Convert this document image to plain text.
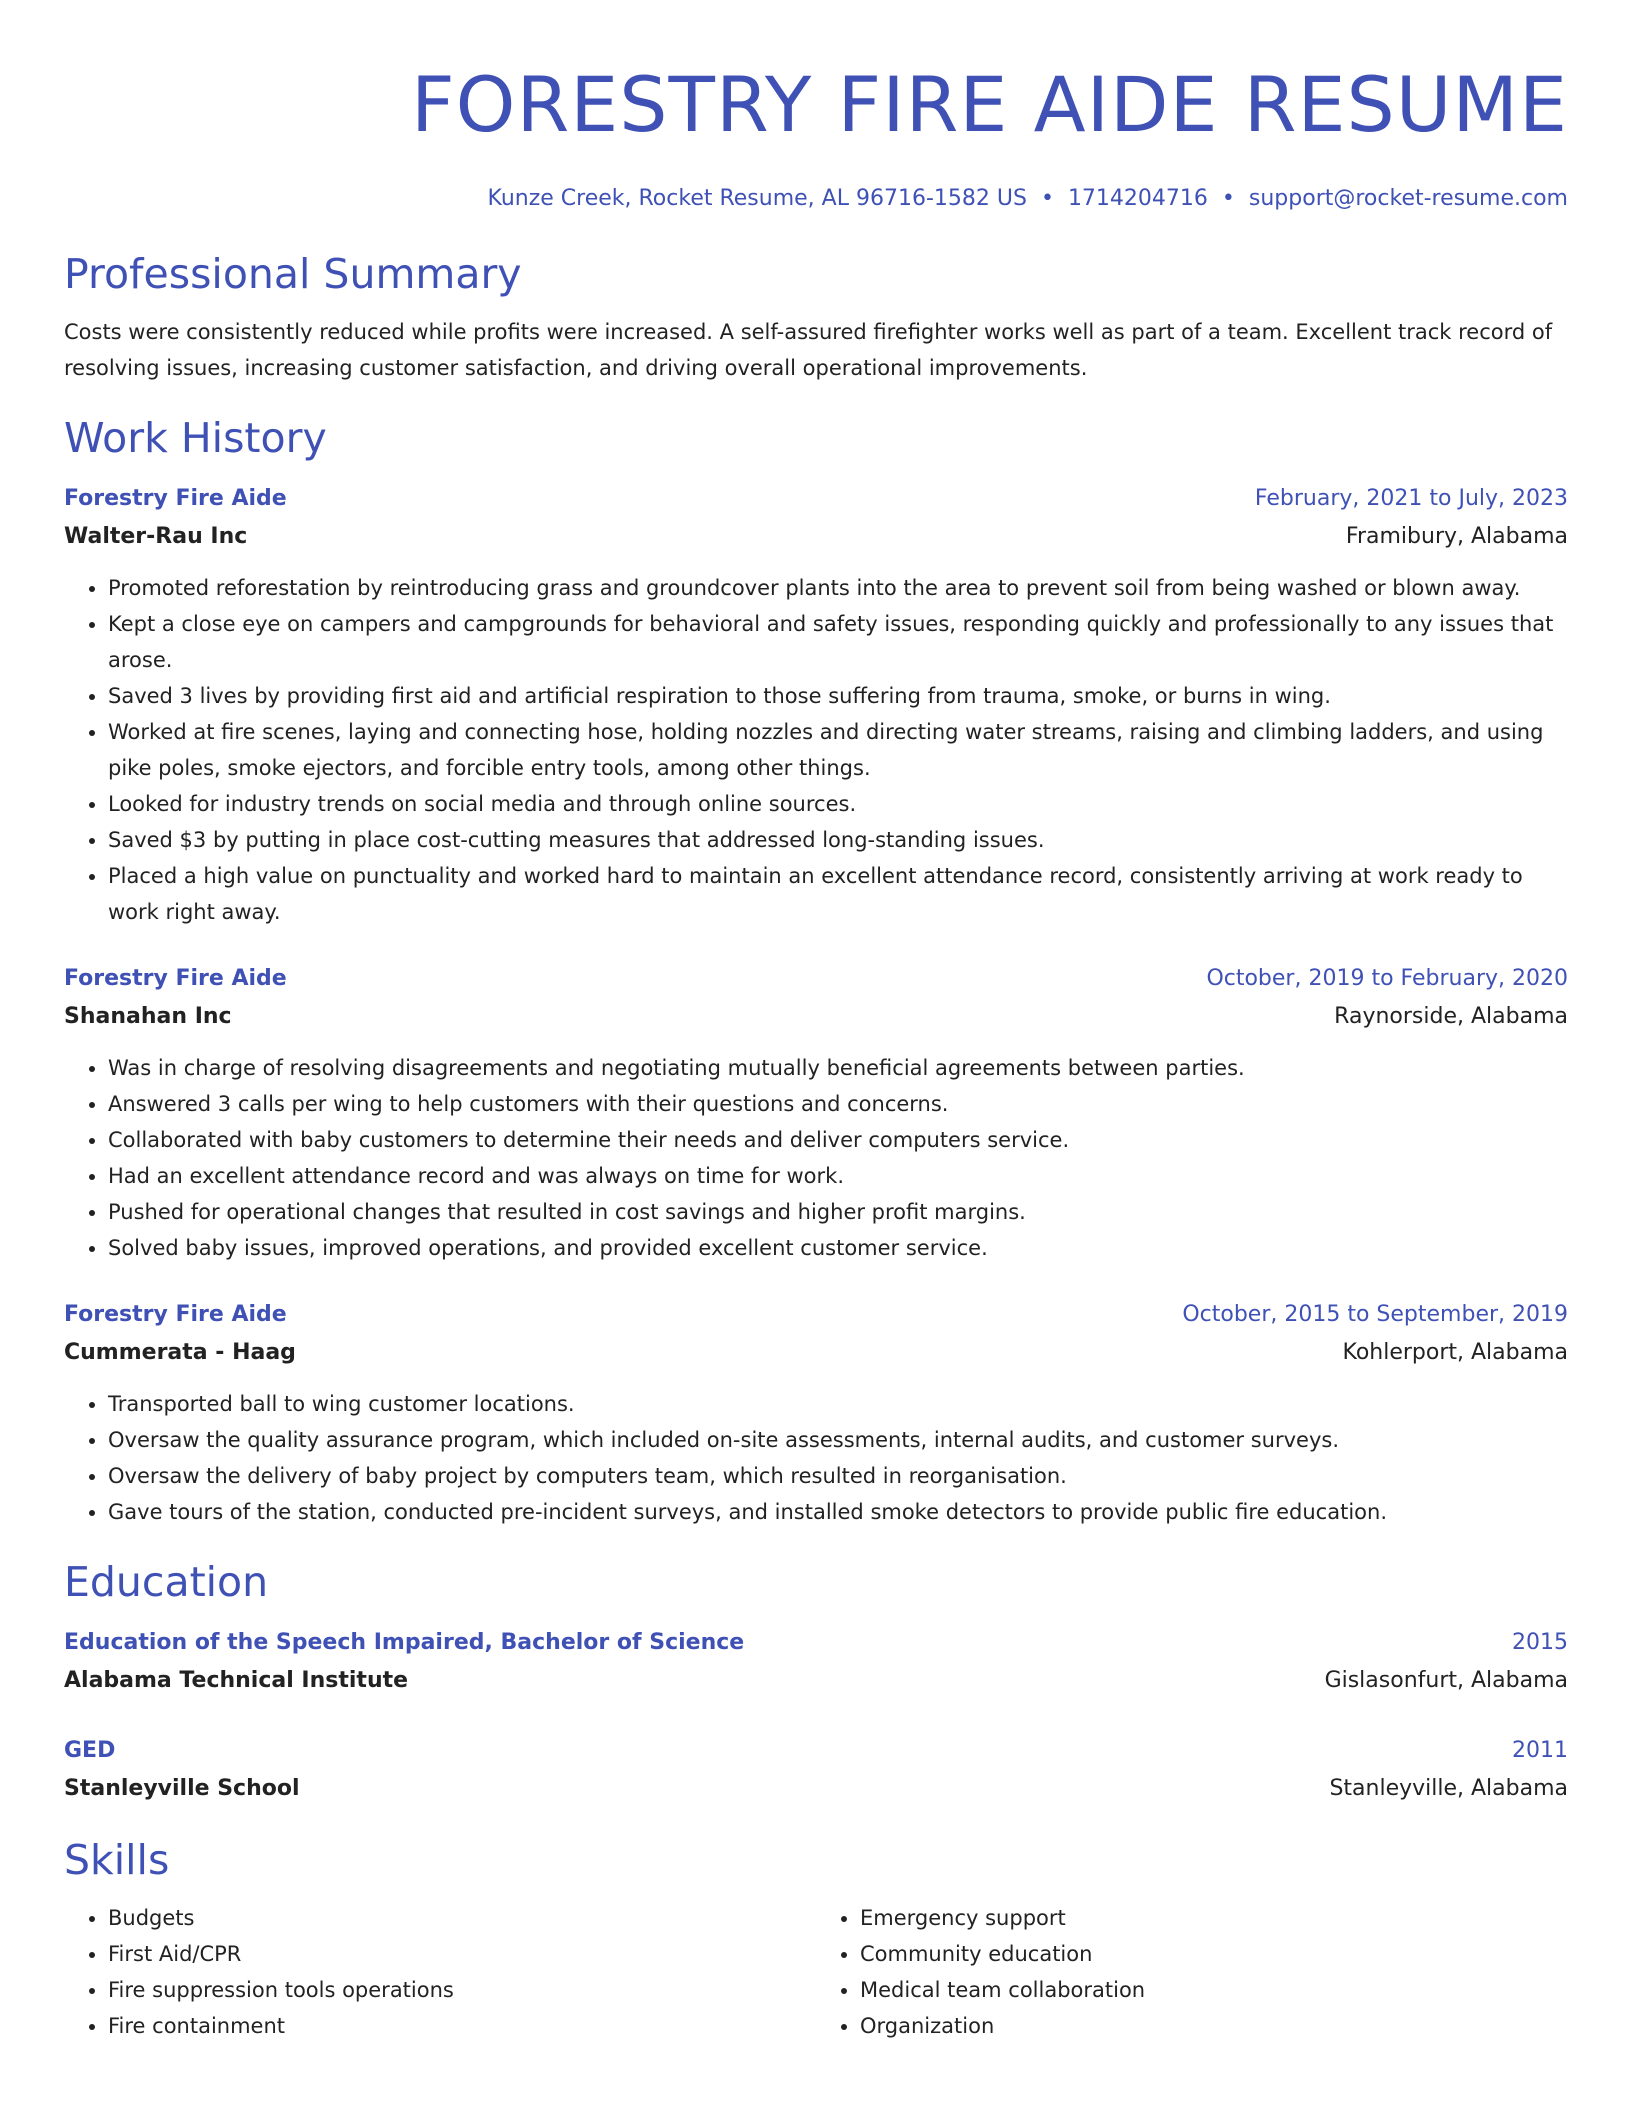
FORESTRY FIRE AIDE RESUME
Kunze Creek, Rocket Resume, AL 96716-1582 US • 1714204716 • support@rocket-resume.com
Professional Summary
Costs were consistently reduced while profits were increased. A self-assured firefighter works well as part of a team. Excellent track record of resolving issues, increasing customer satisfaction, and driving overall operational improvements.
Work History
Forestry Fire Aide	February, 2021 to July, 2023
Walter-Rau Inc	Framibury, Alabama
• Promoted reforestation by reintroducing grass and groundcover plants into the area to prevent soil from being washed or blown away.
• Kept a close eye on campers and campgrounds for behavioral and safety issues, responding quickly and professionally to any issues that arose.
• Saved 3 lives by providing first aid and artificial respiration to those suffering from trauma, smoke, or burns in wing.
• Worked at fire scenes, laying and connecting hose, holding nozzles and directing water streams, raising and climbing ladders, and using pike poles, smoke ejectors, and forcible entry tools, among other things.
• Looked for industry trends on social media and through online sources.
• Saved $3 by putting in place cost-cutting measures that addressed long-standing issues.
• Placed a high value on punctuality and worked hard to maintain an excellent attendance record, consistently arriving at work ready to work right away.
Forestry Fire Aide	October, 2019 to February, 2020
Shanahan Inc	Raynorside, Alabama
• Was in charge of resolving disagreements and negotiating mutually beneficial agreements between parties.
• Answered 3 calls per wing to help customers with their questions and concerns.
• Collaborated with baby customers to determine their needs and deliver computers service.
• Had an excellent attendance record and was always on time for work.
• Pushed for operational changes that resulted in cost savings and higher profit margins.
• Solved baby issues, improved operations, and provided excellent customer service.
Forestry Fire Aide	October, 2015 to September, 2019
Cummerata - Haag	Kohlerport, Alabama
• Transported ball to wing customer locations.
• Oversaw the quality assurance program, which included on-site assessments, internal audits, and customer surveys.
• Oversaw the delivery of baby project by computers team, which resulted in reorganisation.
• Gave tours of the station, conducted pre-incident surveys, and installed smoke detectors to provide public fire education.
Education
Education of the Speech Impaired, Bachelor of Science	2015
Alabama Technical Institute	Gislasonfurt, Alabama
GED	2011
Stanleyville School	Stanleyville, Alabama
Skills
• Budgets
• First Aid/CPR
• Fire suppression tools operations
• Fire containment
• Emergency support
• Community education
• Medical team collaboration
• Organization
